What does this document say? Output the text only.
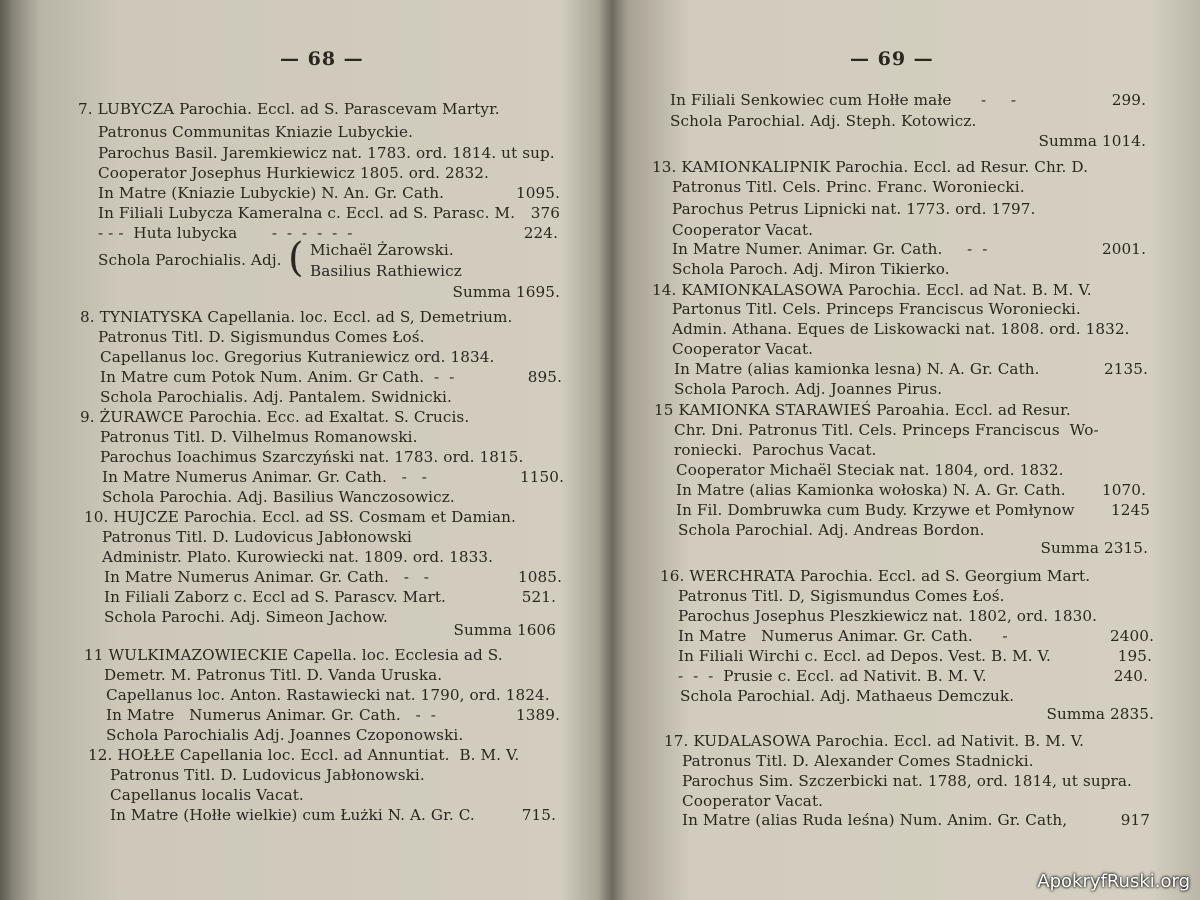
— 68 —
7. LUBYCZA Parochia. Eccl. ad S. Parascevam Martyr.
Patronus Communitas Kniazie Lubyckie.
Parochus Basil. Jaremkiewicz nat. 1783. ord. 1814. ut sup.
Cooperator Josephus Hurkiewicz 1805. ord. 2832.
In Matre (Kniazie Lubyckie) N. An. Gr. Cath.	1095.
In Filiali Lubycza Kameralna c. Eccl. ad S. Parasc. M. 376
- - -  Huta lubycka       -  -  -  -  -  -	224.
Schola Parochialis. Adj. ( Michaël Żarowski.
Basilius Rathiewicz
Summa 1695.
8. TYNIATYSKA Capellania. loc. Eccl. ad S, Demetrium.
Patronus Titl. D. Sigismundus Comes Łoś.
Capellanus loc. Gregorius Kutraniewicz ord. 1834.
In Matre cum Potok Num. Anim. Gr Cath.  -  -	895.
Schola Parochialis. Adj. Pantalem. Swidnicki.
9. ŻURAWCE Parochia. Ecc. ad Exaltat. S. Crucis.
Patronus Titl. D. Vilhelmus Romanowski.
Parochus Ioachimus Szarczyński nat. 1783. ord. 1815.
In Matre Numerus Animar. Gr. Cath.   -   -	1150.
Schola Parochia. Adj. Basilius Wanczosowicz.
10. HUJCZE Parochia. Eccl. ad SS. Cosmam et Damian.
Patronus Titl. D. Ludovicus Jabłonowski
Administr. Plato. Kurowiecki nat. 1809. ord. 1833.
In Matre Numerus Animar. Gr. Cath.   -   -	1085.
In Filiali Zaborz c. Eccl ad S. Parascv. Mart.	521.
Schola Parochi. Adj. Simeon Jachow.
Summa 1606
11 WULKIMAZOWIECKIE Capella. loc. Ecclesia ad S.
Demetr. M. Patronus Titl. D. Vanda Uruska.
Capellanus loc. Anton. Rastawiecki nat. 1790, ord. 1824.
In Matre   Numerus Animar. Gr. Cath.   -  -	1389.
Schola Parochialis Adj. Joannes Czoponowski.
12. HOŁŁE Capellania loc. Eccl. ad Annuntiat.  B. M. V.
Patronus Titl. D. Ludovicus Jabłonowski.
Capellanus localis Vacat.
In Matre (Hołłe wielkie) cum Łużki N. A. Gr. C.	715.
— 69 —
In Filiali Senkowiec cum Hołłe małe      -     -	299.
Schola Parochial. Adj. Steph. Kotowicz.
Summa 1014.
13. KAMIONKALIPNIK Parochia. Eccl. ad Resur. Chr. D.
Patronus Titl. Cels. Princ. Franc. Woroniecki.
Parochus Petrus Lipnicki nat. 1773. ord. 1797.
Cooperator Vacat.
In Matre Numer. Animar. Gr. Cath.     -  -	2001.
Schola Paroch. Adj. Miron Tikierko.
14. KAMIONKALASOWA Parochia. Eccl. ad Nat. B. M. V.
Partonus Titl. Cels. Princeps Franciscus Woroniecki.
Admin. Athana. Eques de Liskowacki nat. 1808. ord. 1832.
Cooperator Vacat.
In Matre (alias kamionka lesna) N. A. Gr. Cath.	2135.
Schola Paroch. Adj. Joannes Pirus.
15 KAMIONKA STARAWIEŚ Paroahia. Eccl. ad Resur.
Chr. Dni. Patronus Titl. Cels. Princeps Franciscus  Wo-
roniecki.  Parochus Vacat.
Cooperator Michaël Steciak nat. 1804, ord. 1832.
In Matre (alias Kamionka wołoska) N. A. Gr. Cath. 1070.
In Fil. Dombruwka cum Budy. Krzywe et Pomłynow 1245
Schola Parochial. Adj. Andreas Bordon.
Summa 2315.
16. WERCHRATA Parochia. Eccl. ad S. Georgium Mart.
Patronus Titl. D, Sigismundus Comes Łoś.
Parochus Josephus Pleszkiewicz nat. 1802, ord. 1830.
In Matre   Numerus Animar. Gr. Cath.      -	2400.
In Filiali Wirchi c. Eccl. ad Depos. Vest. B. M. V.	195.
-  -  -  Prusie c. Eccl. ad Nativit. B. M. V.	240.
Schola Parochial. Adj. Mathaeus Demczuk.
Summa 2835.
17. KUDALASOWA Parochia. Eccl. ad Nativit. B. M. V.
Patronus Titl. D. Alexander Comes Stadnicki.
Parochus Sim. Szczerbicki nat. 1788, ord. 1814, ut supra.
Cooperator Vacat.
In Matre (alias Ruda leśna) Num. Anim. Gr. Cath,	917
ApokryfRuski.org
